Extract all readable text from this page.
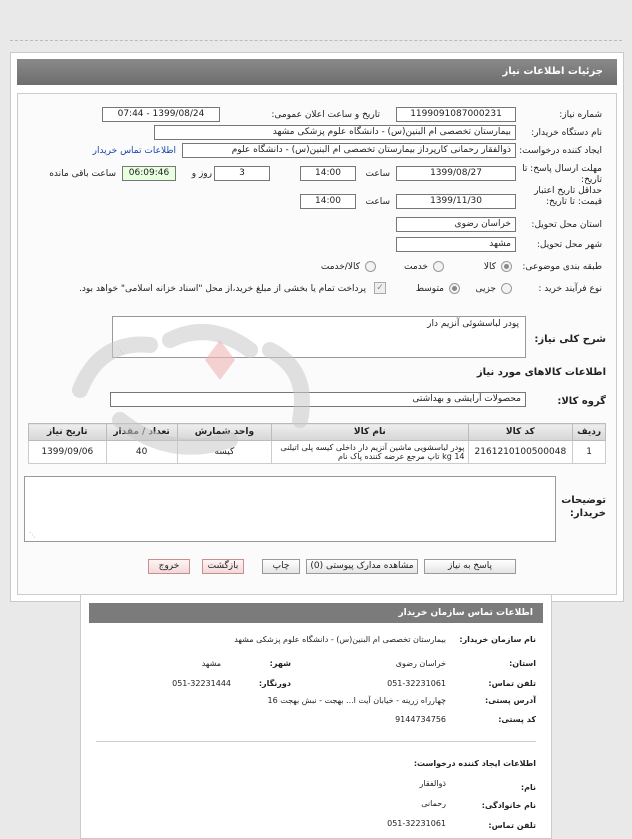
جزئیات اطلاعات نیاز
شماره نیاز:
1199091087000231
تاریخ و ساعت اعلان عمومی:
1399/08/24 - 07:44
نام دستگاه خریدار:
بیمارستان تخصصی ام البنین(س) - دانشگاه علوم پزشکی مشهد
ایجاد کننده درخواست:
ذوالفقار رحمانی کارپرداز بیمارستان تخصصی ام البنین(س) - دانشگاه علوم
اطلاعات تماس خریدار
مهلت ارسال پاسخ: تا تاریخ:
1399/08/27
ساعت
14:00
3
روز و
06:09:46
ساعت باقی مانده
حداقل تاریخ اعتبار قیمت: تا تاریخ:
1399/11/30
ساعت
14:00
استان محل تحویل:
خراسان رضوی
شهر محل تحویل:
مشهد
طبقه بندی موضوعی:
کالا
خدمت
کالا/خدمت
نوع فرآیند خرید :
جزیی
متوسط
✓
پرداخت تمام یا بخشی از مبلغ خرید،از محل "اسناد خزانه اسلامی" خواهد بود.
شرح کلی نیاز:
پودر لباسشوئی آنزیم دار
⋰
اطلاعات کالاهای مورد نیاز
گروه کالا:
محصولات آرایشی و بهداشتی
ردیف	کد کالا	نام کالا	واحد شمارش	تعداد / مقدار	تاریخ نیاز
1	2161210100500048	پودر لباسشویی ماشین آنزیم دار داخلی کیسه پلی اتیلنی 14 kg تاپ مرجع عرضه کننده پاک نام	کیسه	40	1399/09/06
توضیحات خریدار:
⋰
پاسخ به نیاز
مشاهده مدارک پیوستی (0)
چاپ
بازگشت
خروج
اطلاعات تماس سازمان خریدار
نام سازمان خریدار:
بیمارستان تخصصی ام البنین(س) - دانشگاه علوم پزشکی مشهد
استان:
خراسان رضوی
شهر:
مشهد
تلفن تماس:
051-32231061
دورنگار:
051-32231444
آدرس پستی:
چهارراه زرینه - خیابان آیت ا... بهجت - نبش بهجت 16
کد پستی:
9144734756
اطلاعات ایجاد کننده درخواست:
نام:
ذوالفقار
نام خانوادگی:
رحمانی
تلفن تماس:
051-32231061
